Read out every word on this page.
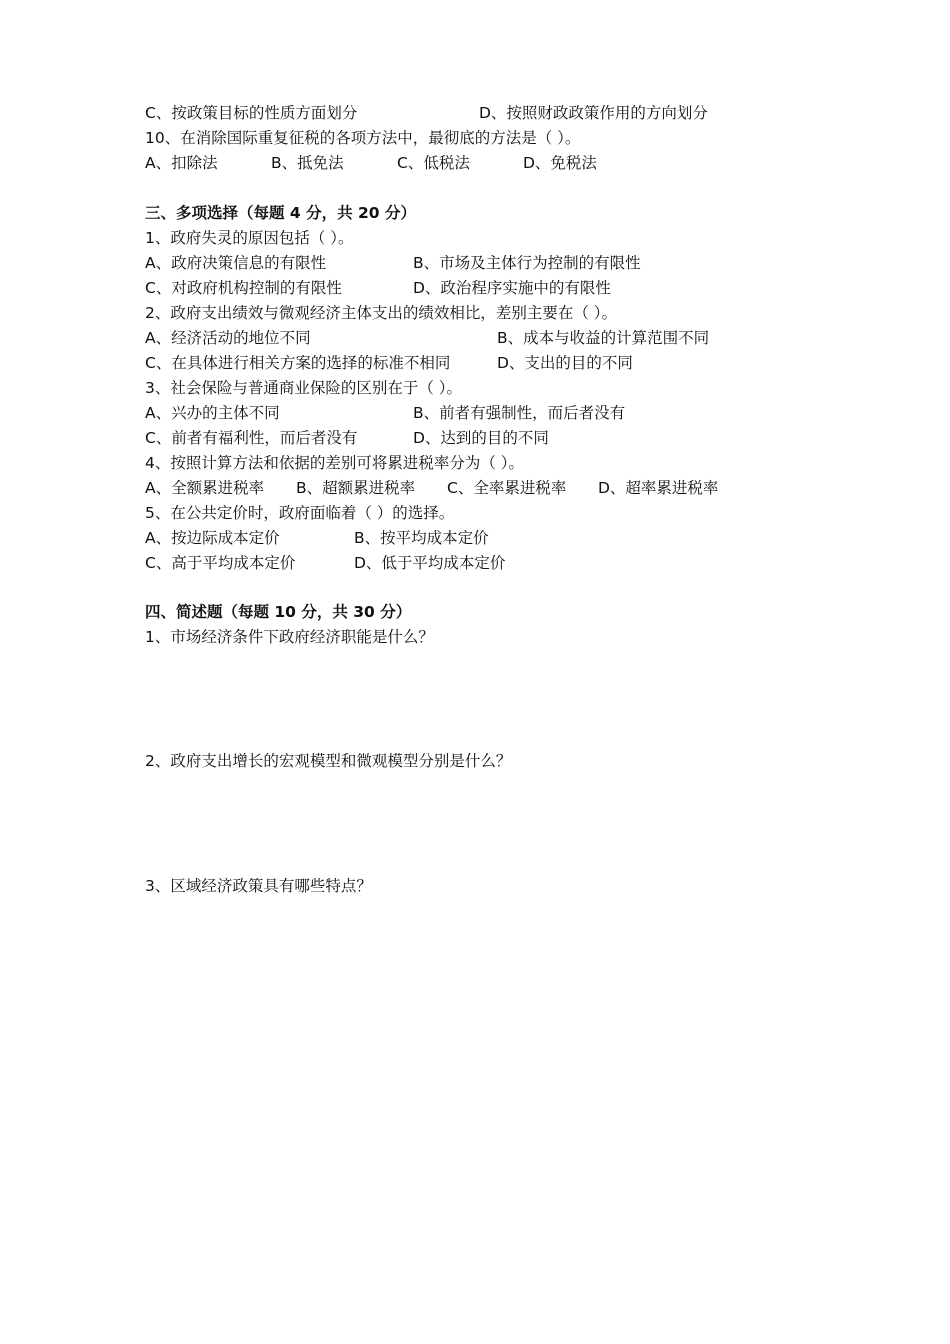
C、按政策目标的性质方面划分	D、按照财政政策作用的方向划分
10、在消除国际重复征税的各项方法中，最彻底的方法是（ ）。
A、扣除法	B、抵免法	C、低税法	D、免税法
三、多项选择（每题 4 分，共 20 分）
1、政府失灵的原因包括（ ）。
A、政府决策信息的有限性	B、市场及主体行为控制的有限性
C、对政府机构控制的有限性	D、政治程序实施中的有限性
2、政府支出绩效与微观经济主体支出的绩效相比，差别主要在（ ）。
A、经济活动的地位不同	B、成本与收益的计算范围不同
C、在具体进行相关方案的选择的标准不相同	D、支出的目的不同
3、社会保险与普通商业保险的区别在于（ ）。
A、兴办的主体不同	B、前者有强制性，而后者没有
C、前者有福利性，而后者没有	D、达到的目的不同
4、按照计算方法和依据的差别可将累进税率分为（ ）。
A、全额累进税率 B、超额累进税率 C、全率累进税率 D、超率累进税率
5、在公共定价时，政府面临着（ ）的选择。
A、按边际成本定价	B、按平均成本定价
C、高于平均成本定价	D、低于平均成本定价
四、简述题（每题 10 分，共 30 分）
1、市场经济条件下政府经济职能是什么？
2、政府支出增长的宏观模型和微观模型分别是什么？
3、区域经济政策具有哪些特点？
